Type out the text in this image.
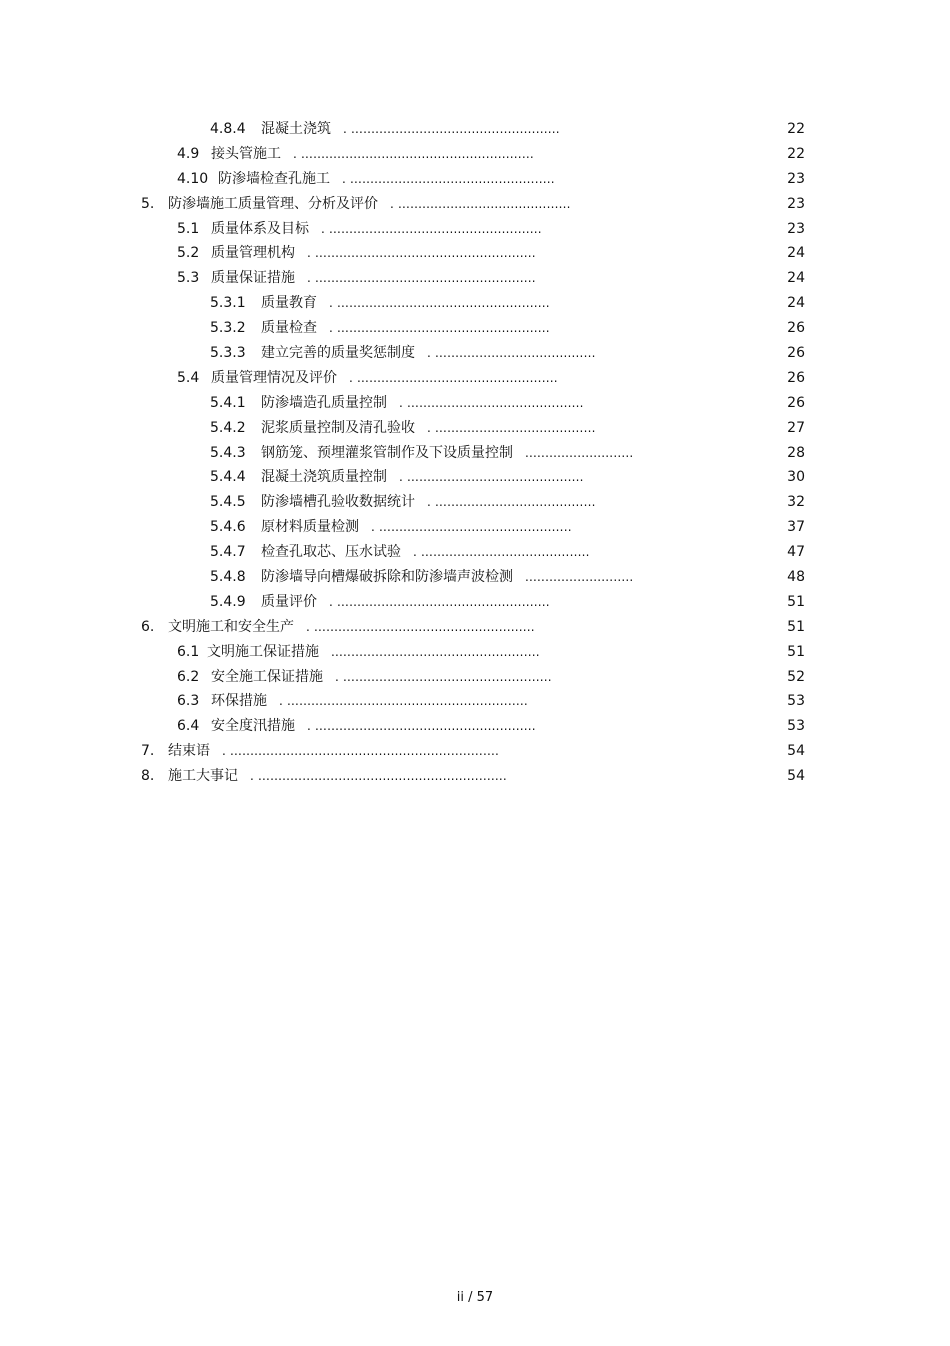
4.8.4 混凝土浇筑 . ....................................................	22
4.9 接头管施工 . ..........................................................	22
4.10 防渗墙检查孔施工 . ...................................................	23
5. 防渗墙施工质量管理、分析及评价 . ...........................................	23
5.1 质量体系及目标 . .....................................................	23
5.2 质量管理机构 . .......................................................	24
5.3 质量保证措施 . .......................................................	24
5.3.1 质量教育 . .....................................................	24
5.3.2 质量检查 . .....................................................	26
5.3.3 建立完善的质量奖惩制度 . ........................................	26
5.4 质量管理情况及评价 . ..................................................	26
5.4.1 防渗墙造孔质量控制 . ............................................	26
5.4.2 泥浆质量控制及清孔验收 . ........................................	27
5.4.3 钢筋笼、预埋灌浆管制作及下设质量控制 ...........................	28
5.4.4 混凝土浇筑质量控制 . ............................................	30
5.4.5 防渗墙槽孔验收数据统计 . ........................................	32
5.4.6 原材料质量检测 . ................................................	37
5.4.7 检查孔取芯、压水试验 . ..........................................	47
5.4.8 防渗墙导向槽爆破拆除和防渗墙声波检测 ...........................	48
5.4.9 质量评价 . .....................................................	51
6. 文明施工和安全生产 . .......................................................	51
6.1 文明施工保证措施 ....................................................	51
6.2 安全施工保证措施 . ....................................................	52
6.3 环保措施 . ............................................................	53
6.4 安全度汛措施 . .......................................................	53
7. 结束语 . ...................................................................	54
8. 施工大事记 . ..............................................................	54
ii / 57
